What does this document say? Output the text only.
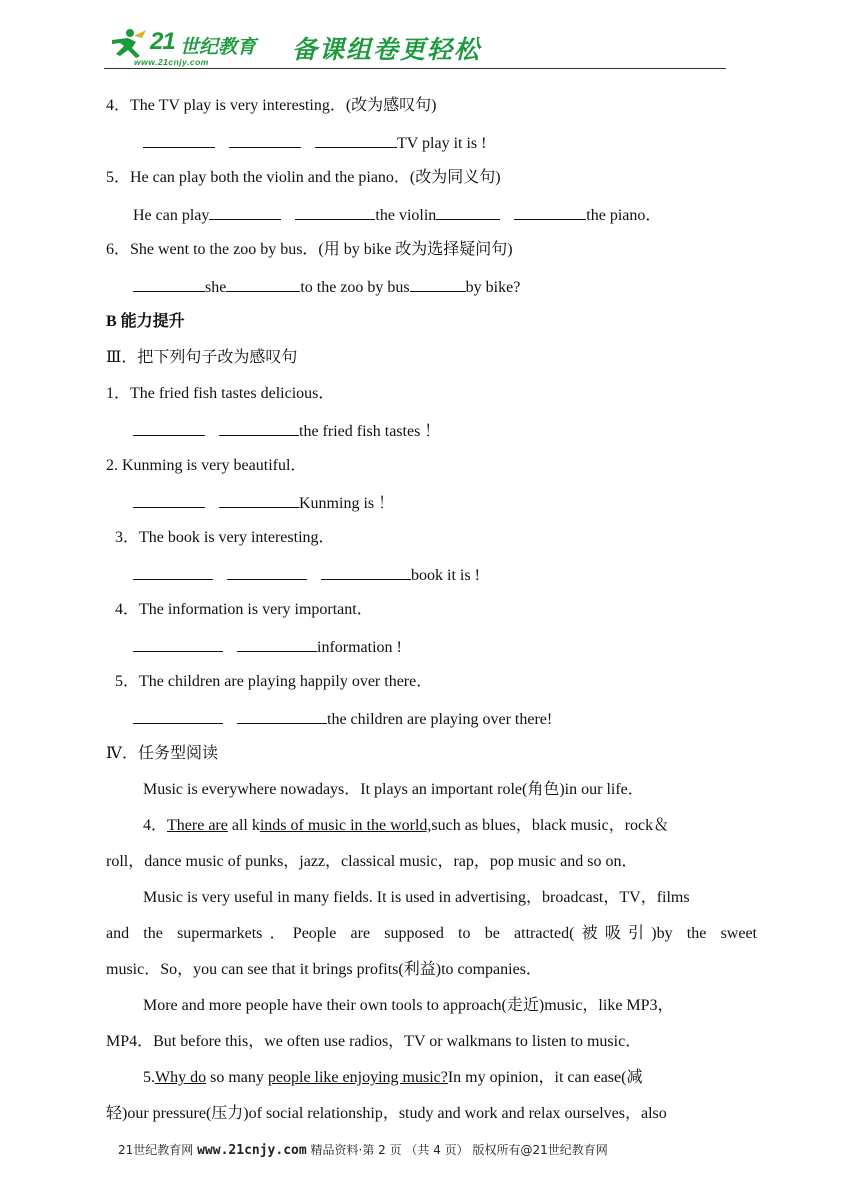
21 世纪教育
www.21cnjy.com	备课组卷更轻松
4．The TV play is very interesting．(改为感叹句)
TV play it is !
5．He can play both the violin and the piano．(改为同义句)
He can play	the violin	the piano．
6．She went to the zoo by bus．(用 by bike 改为选择疑问句)
she	to the zoo by bus	by bike?
B 能力提升
Ⅲ．把下列句子改为感叹句
1．The fried fish tastes delicious．
the fried fish tastes ！
2. Kunming is very beautiful．
Kunming is ！
3．The book is very interesting．
book it is !
4．The information is very important．
information !
5．The children are playing happily over there．
the children are playing over there!
Ⅳ．任务型阅读
Music is everywhere nowadays．It plays an important role(角色)in our life．
4．There are all kinds of music in the world,such as blues，black music，rock＆
roll，dance music of punks，jazz，classical music，rap，pop music and so on．
Music is very useful in many fields. It is used in advertising，broadcast，TV，films
and the supermarkets．People are supposed to be attracted(被吸引)by the sweet
music．So，you can see that it brings profits(利益)to companies．
More and more people have their own tools to approach(走近)music，like MP3，
MP4．But before this，we often use radios，TV or walkmans to listen to music．
5.Why do so many people like enjoying music?In my opinion，it can ease(减
轻)our pressure(压力)of social relationship，study and work and relax ourselves，also
21世纪教育网 www.21cnjy.com 精品资料·第 2 页 （共 4 页） 版权所有@21世纪教育网
